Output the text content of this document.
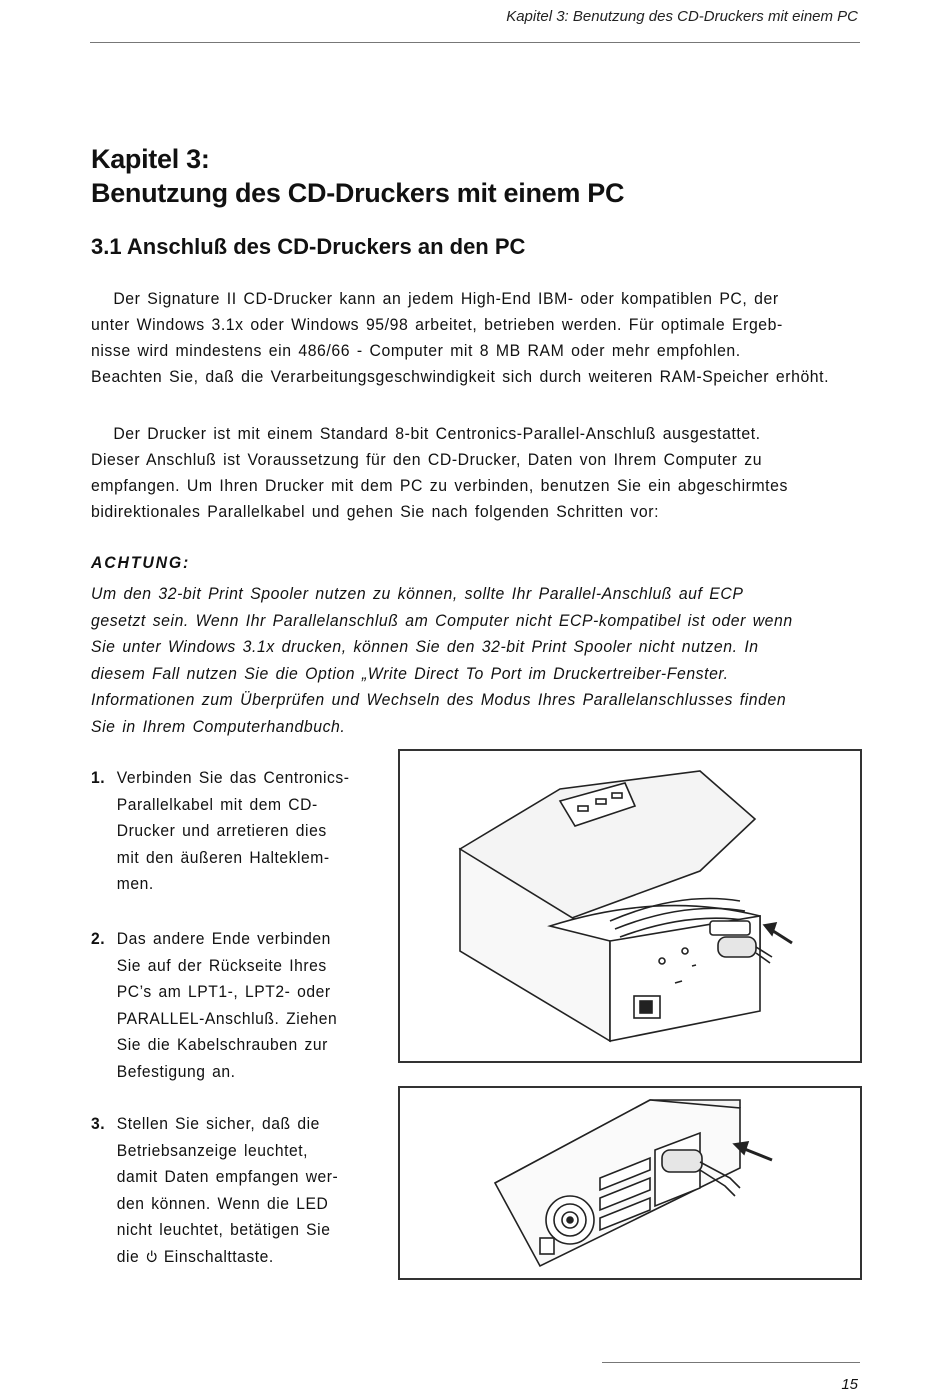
Kapitel 3: Benutzung des CD-Druckers mit einem PC
Kapitel 3:
Benutzung des CD-Druckers mit einem PC
3.1 Anschluß des CD-Druckers an den PC
Der Signature II CD-Drucker kann an jedem High-End IBM- oder kompatiblen PC, der
unter Windows 3.1x oder Windows 95/98 arbeitet, betrieben werden. Für optimale Ergeb-
nisse wird mindestens ein 486/66 - Computer mit 8 MB RAM oder mehr empfohlen.
Beachten Sie, daß die Verarbeitungsgeschwindigkeit sich durch weiteren RAM-Speicher erhöht.
Der Drucker ist mit einem Standard 8-bit Centronics-Parallel-Anschluß ausgestattet.
Dieser Anschluß ist Voraussetzung für den CD-Drucker, Daten von Ihrem Computer zu
empfangen. Um Ihren Drucker mit dem PC zu verbinden, benutzen Sie ein abgeschirmtes
bidirektionales Parallelkabel und gehen Sie nach folgenden Schritten vor:
ACHTUNG:
Um den 32-bit Print Spooler nutzen zu können, sollte Ihr Parallel-Anschluß auf ECP
gesetzt sein. Wenn Ihr Parallelanschluß am Computer nicht ECP-kompatibel ist oder wenn
Sie unter Windows 3.1x drucken, können Sie den 32-bit Print Spooler nicht nutzen. In
diesem Fall nutzen Sie die Option „Write Direct To Port im Druckertreiber-Fenster.
Informationen zum Überprüfen und Wechseln des Modus Ihres Parallelanschlusses finden
Sie in Ihrem Computerhandbuch.
1. Verbinden Sie das Centronics-
Parallelkabel mit dem CD-
Drucker und arretieren dies
mit den äußeren Halteklem-
men.
2. Das andere Ende verbinden
Sie auf der Rückseite Ihres
PC’s am LPT1-, LPT2- oder
PARALLEL-Anschluß. Ziehen
Sie die Kabelschrauben zur
Befestigung an.
3. Stellen Sie sicher, daß die
Betriebsanzeige leuchtet,
damit Daten empfangen wer-
den können. Wenn die LED
nicht leuchtet, betätigen Sie
die Einschalttaste.
15
